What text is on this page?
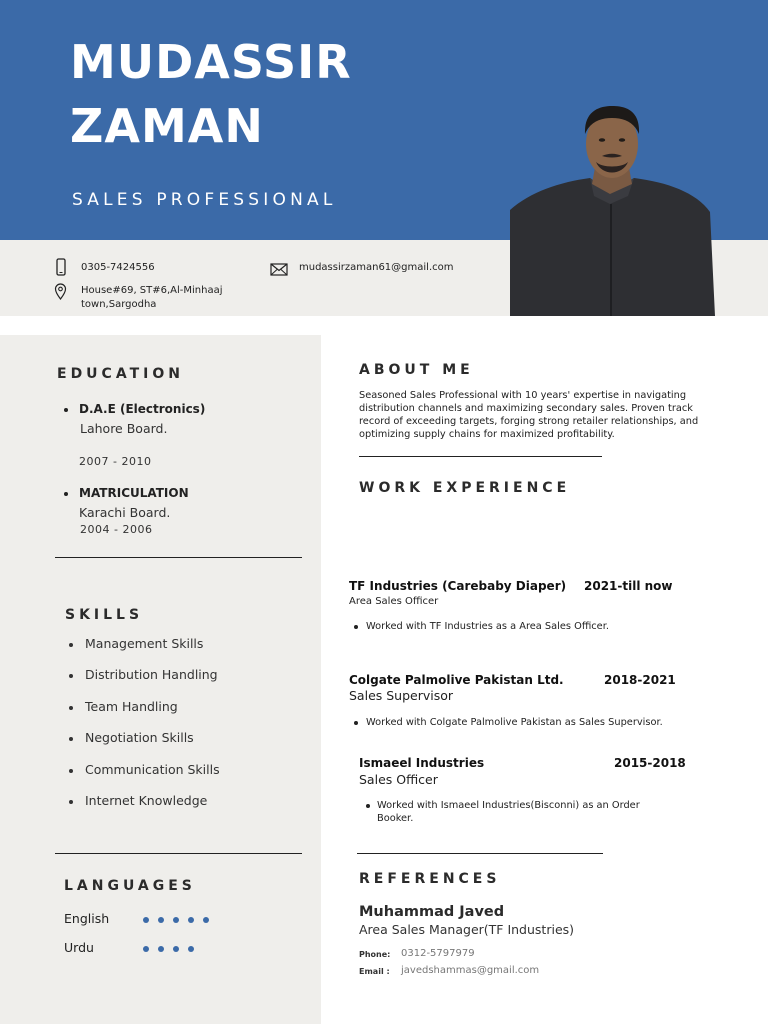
MUDASSIR
ZAMAN
SALES PROFESSIONAL
0305-7424556	mudassirzaman61@gmail.com
House#69, ST#6,Al-Minhaaj
town,Sargodha
EDUCATION
D.A.E (Electronics)
Lahore Board.
2007 - 2010
MATRICULATION
Karachi Board.
2004 - 2006
SKILLS
Management Skills
Distribution Handling
Team Handling
Negotiation Skills
Communication Skills
Internet Knowledge
LANGUAGES
English
Urdu
ABOUT ME
Seasoned Sales Professional with 10 years' expertise in navigating distribution channels and maximizing secondary sales. Proven track record of exceeding targets, forging strong retailer relationships, and optimizing supply chains for maximized profitability.
WORK EXPERIENCE
TF Industries (Carebaby Diaper) 2021-till now
Area Sales Officer
Worked with TF Industries as a Area Sales Officer.
Colgate Palmolive Pakistan Ltd.	2018-2021
Sales Supervisor
Worked with Colgate Palmolive Pakistan as Sales Supervisor.
Ismaeel Industries	2015-2018
Sales Officer
Worked with Ismaeel Industries(Bisconni) as an Order Booker.
REFERENCES
Muhammad Javed
Area Sales Manager(TF Industries)
Phone: 0312-5797979
Email : javedshammas@gmail.com
